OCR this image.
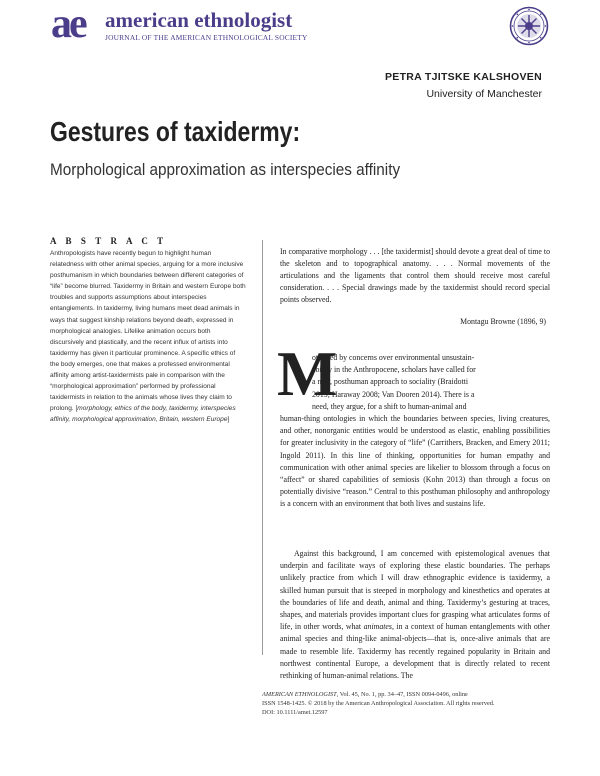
ae american ethnologist
JOURNAL OF THE AMERICAN ETHNOLOGICAL SOCIETY
PETRA TJITSKE KALSHOVEN
University of Manchester
Gestures of taxidermy:
Morphological approximation as interspecies affinity
A B S T R A C T

Anthropologists have recently begun to highlight human relatedness with other animal species, arguing for a more inclusive posthumanism in which boundaries between different categories of “life” become blurred. Taxidermy in Britain and western Europe both troubles and supports assumptions about interspecies entanglements. In taxidermy, living humans meet dead animals in ways that suggest kinship relations beyond death, expressed in morphological analogies. Lifelike animation occurs both discursively and plastically, and the recent influx of artists into taxidermy has given it particular prominence. A specific ethics of the body emerges, one that makes a professed environmental affinity among artist-taxidermists pale in comparison with the “morphological approximation” performed by professional taxidermists in relation to the animals whose lives they claim to prolong. [morphology, ethics of the body, taxidermy, interspecies affinity, morphological approximation, Britain, western Europe]

In comparative morphology . . . [the taxidermist] should devote a great deal of time to the skeleton and to topographical anatomy. . . . Normal movements of the articulations and the ligaments that control them should receive most careful consideration. . . . Special drawings made by the taxidermist should record special points observed.

Montagu Browne (1896, 9)
M

otivated by concerns over environmental unsustain-
ability in the Anthropocene, scholars have called for
a new, posthuman approach to sociality (Braidotti
2013; Haraway 2008; Van Dooren 2014). There is a
need, they argue, for a shift to human-animal and
human-thing ontologies in which the boundaries between species, living creatures, and other, nonorganic entities would be understood as elastic, enabling possibilities for greater inclusivity in the category of “life” (Carrithers, Bracken, and Emery 2011; Ingold 2011). In this line of thinking, opportunities for human empathy and communication with other animal species are likelier to blossom through a focus on “affect” or shared capabilities of semiosis (Kohn 2013) than through a focus on potentially divisive “reason.” Central to this posthuman philosophy and anthropology is a concern with an environment that both lives and sustains life.

Against this background, I am concerned with epistemological avenues that underpin and facilitate ways of exploring these elastic boundaries. The perhaps unlikely practice from which I will draw ethnographic evidence is taxidermy, a skilled human pursuit that is steeped in morphology and kinesthetics and operates at the boundaries of life and death, animal and thing. Taxidermy’s gesturing at traces, shapes, and materials provides important clues for grasping what articulates forms of life, in other words, what animates, in a context of human entanglements with other animal species and thing-like animal-objects—that is, once-alive animals that are made to resemble life. Taxidermy has recently regained popularity in Britain and northwest continental Europe, a development that is directly related to recent rethinking of human-animal relations. The

AMERICAN ETHNOLOGIST, Vol. 45, No. 1, pp. 34–47, ISSN 0094-0496, online
ISSN 1548-1425. © 2018 by the American Anthropological Association. All rights reserved.
DOI: 10.1111/amet.12597
